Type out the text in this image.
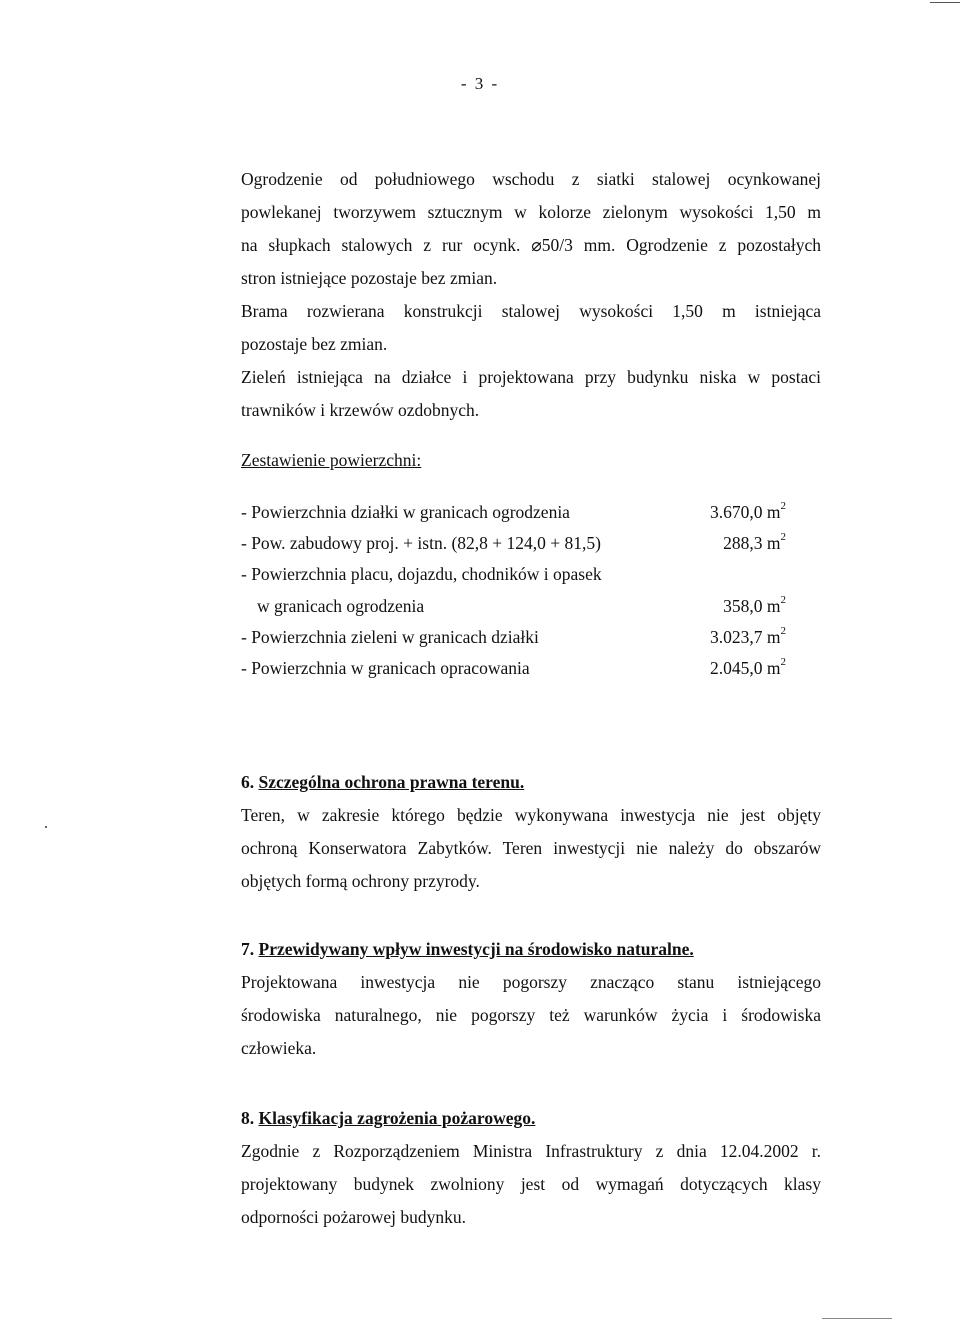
- 3 -
Ogrodzenie od południowego wschodu z siatki stalowej ocynkowanej
powlekanej tworzywem sztucznym w kolorze zielonym wysokości 1,50 m
na słupkach stalowych z rur ocynk. ⌀50/3 mm. Ogrodzenie z pozostałych
stron istniejące pozostaje bez zmian.
Brama rozwierana konstrukcji stalowej wysokości 1,50 m istniejąca
pozostaje bez zmian.
Zieleń istniejąca na działce i projektowana przy budynku niska w postaci
trawników i krzewów ozdobnych.
Zestawienie powierzchni:
- Powierzchnia działki w granicach ogrodzenia	3.670,0 $m^2$
- Pow. zabudowy proj. + istn. (82,8 + 124,0 + 81,5)	288,3 $m^2$
- Powierzchnia placu, dojazdu, chodników i opasek
w granicach ogrodzenia	358,0 $m^2$
- Powierzchnia zieleni w granicach działki	3.023,7 $m^2$
- Powierzchnia w granicach opracowania	2.045,0 $m^2$
6. Szczególna ochrona prawna terenu.
Teren, w zakresie którego będzie wykonywana inwestycja nie jest objęty
ochroną Konserwatora Zabytków. Teren inwestycji nie należy do obszarów
objętych formą ochrony przyrody.
7. Przewidywany wpływ inwestycji na środowisko naturalne.
Projektowana inwestycja nie pogorszy znacząco stanu istniejącego
środowiska naturalnego, nie pogorszy też warunków życia i środowiska
człowieka.
8. Klasyfikacja zagrożenia pożarowego.
Zgodnie z Rozporządzeniem Ministra Infrastruktury z dnia 12.04.2002 r.
projektowany budynek zwolniony jest od wymagań dotyczących klasy
odporności pożarowej budynku.
